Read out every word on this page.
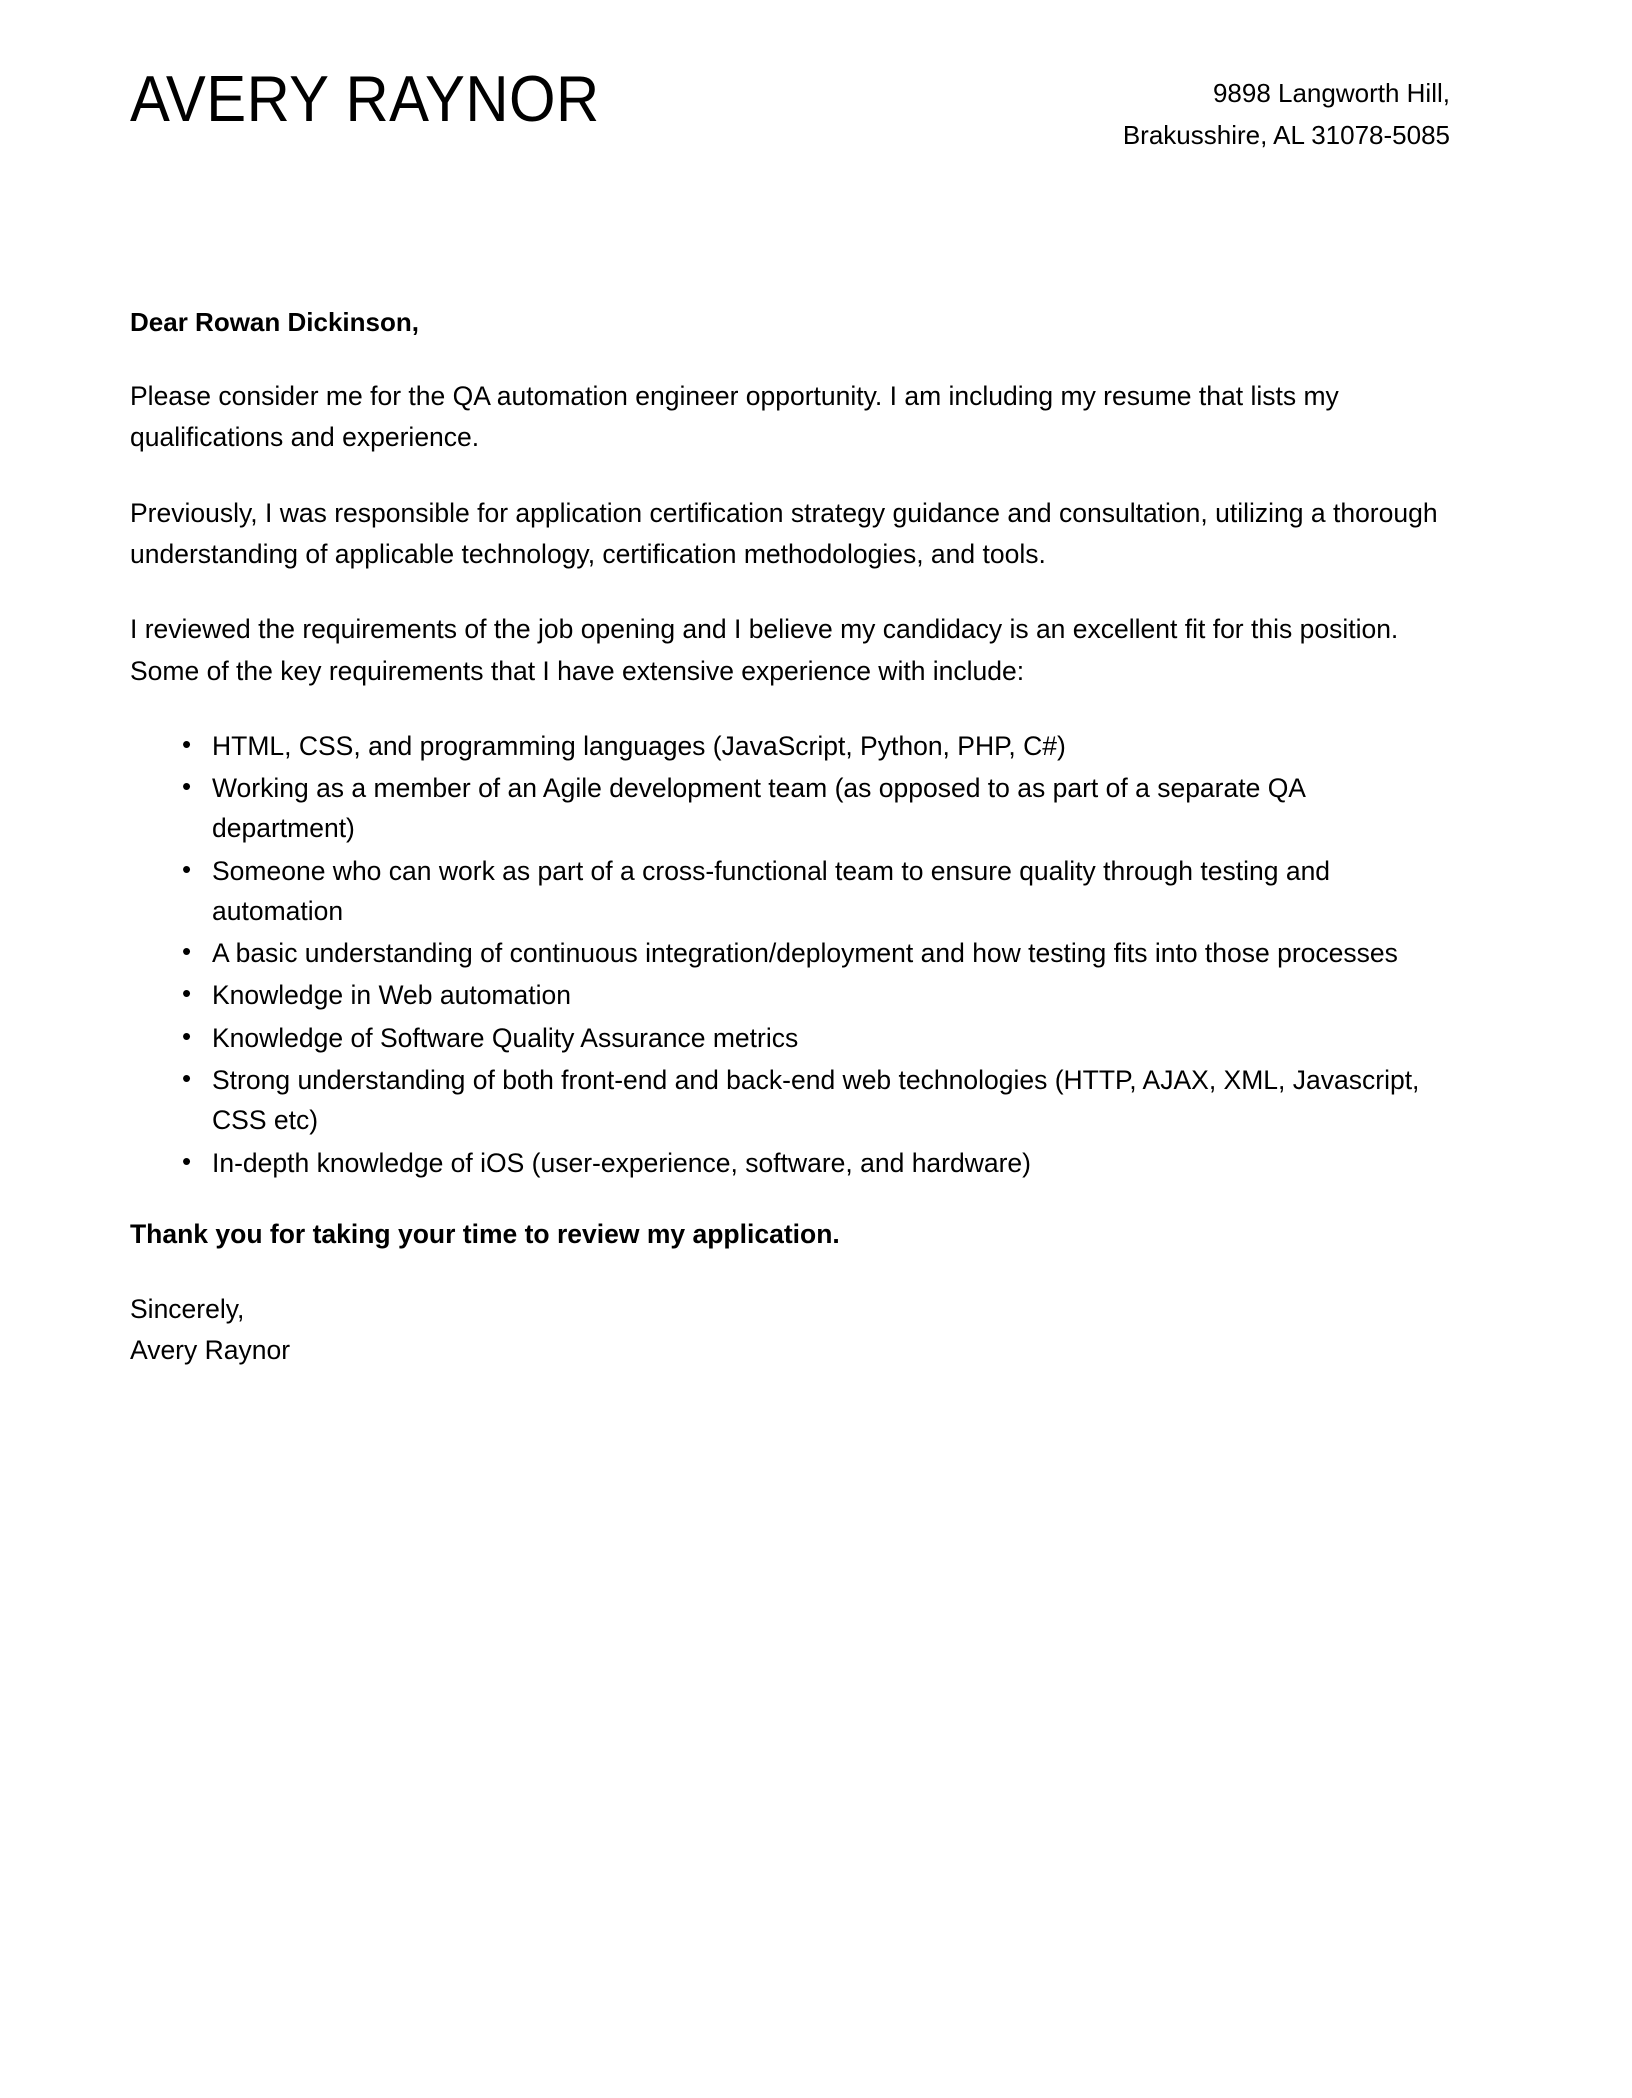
AVERY RAYNOR	9898 Langworth Hill,
Brakusshire, AL 31078-5085

Dear Rowan Dickinson,

Please consider me for the QA automation engineer opportunity. I am including my resume that lists my qualifications and experience.

Previously, I was responsible for application certification strategy guidance and consultation, utilizing a thorough understanding of applicable technology, certification methodologies, and tools.

I reviewed the requirements of the job opening and I believe my candidacy is an excellent fit for this position. Some of the key requirements that I have extensive experience with include:

• HTML, CSS, and programming languages (JavaScript, Python, PHP, C#)
• Working as a member of an Agile development team (as opposed to as part of a separate QA department)
• Someone who can work as part of a cross-functional team to ensure quality through testing and automation
• A basic understanding of continuous integration/deployment and how testing fits into those processes
• Knowledge in Web automation
• Knowledge of Software Quality Assurance metrics
• Strong understanding of both front-end and back-end web technologies (HTTP, AJAX, XML, Javascript, CSS etc)
• In-depth knowledge of iOS (user-experience, software, and hardware)

Thank you for taking your time to review my application.

Sincerely,
Avery Raynor
